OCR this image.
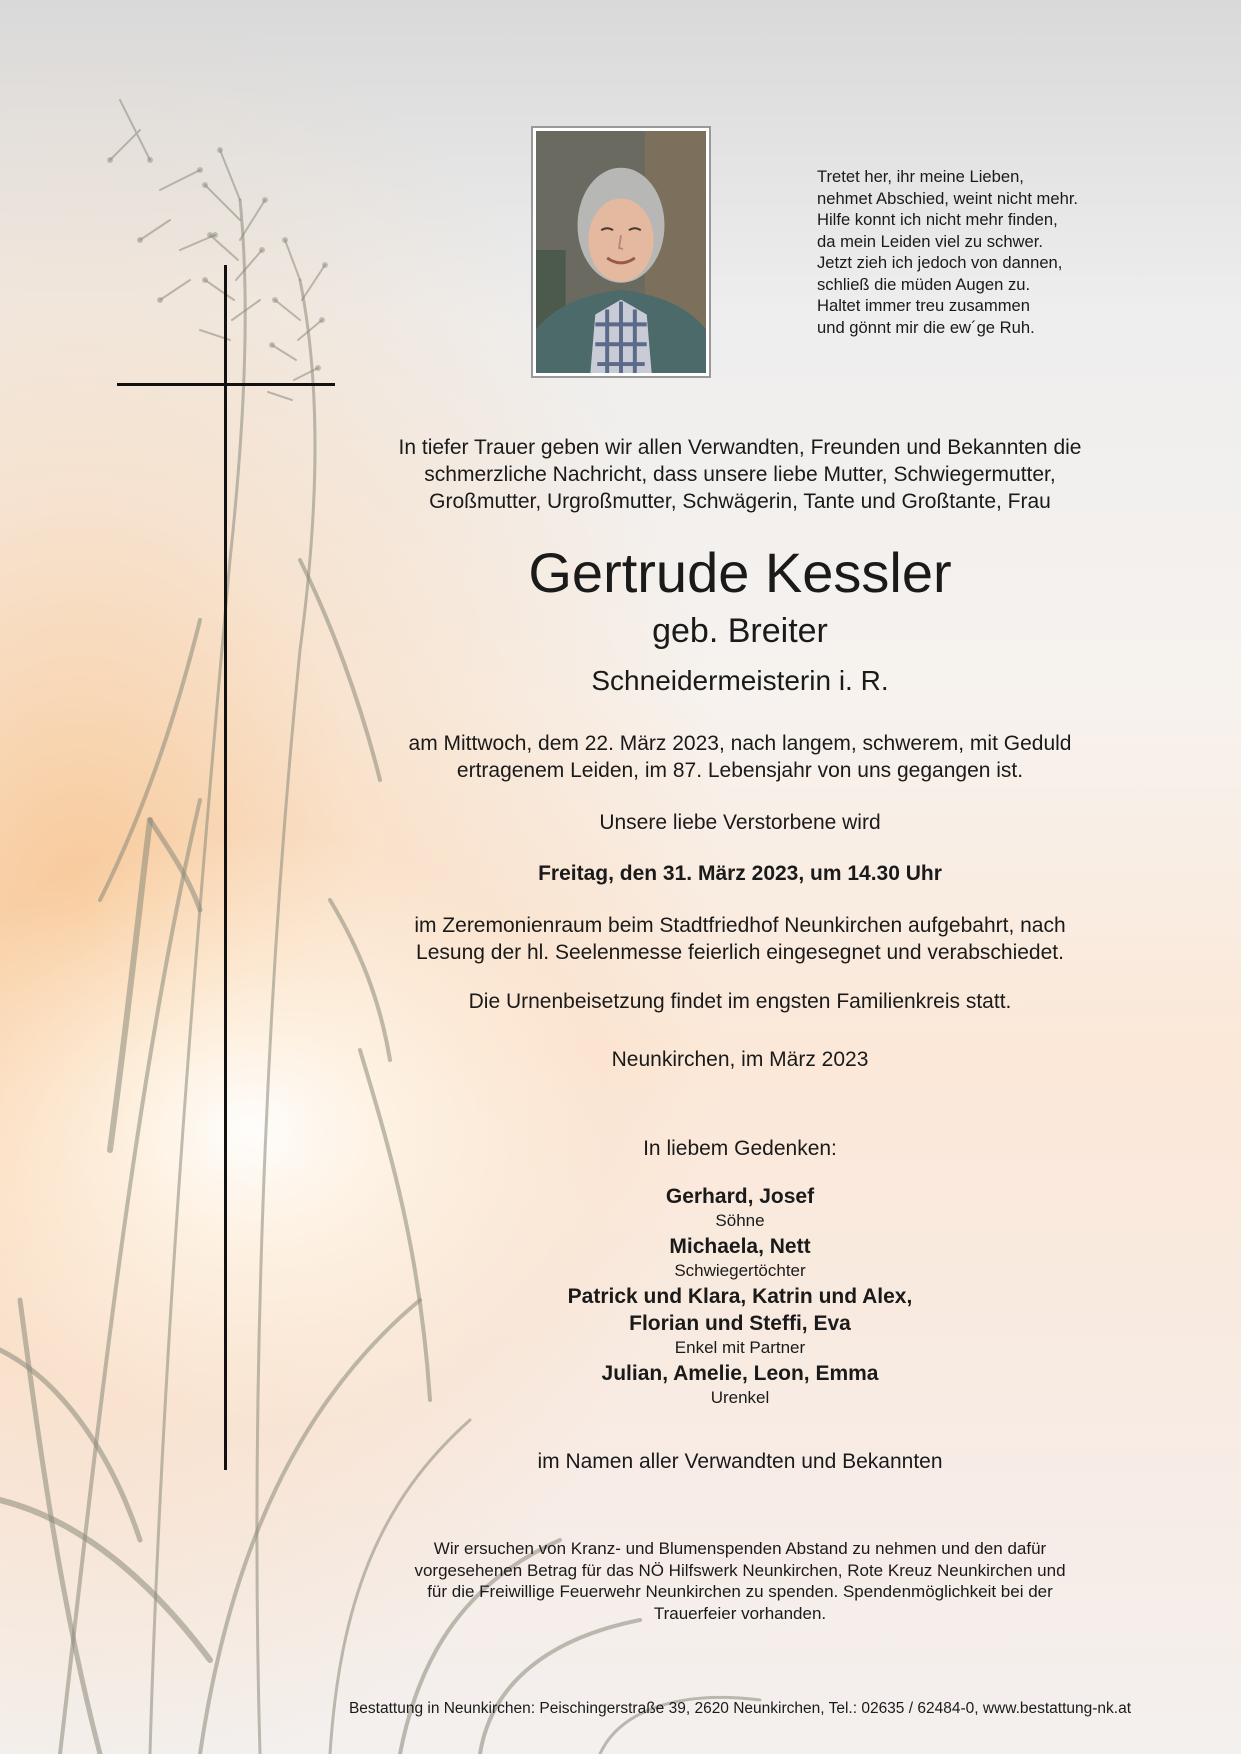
Tretet her, ihr meine Lieben,
nehmet Abschied, weint nicht mehr.
Hilfe konnt ich nicht mehr finden,
da mein Leiden viel zu schwer.
Jetzt zieh ich jedoch von dannen,
schließ die müden Augen zu.
Haltet immer treu zusammen
und gönnt mir die ew´ge Ruh.
In tiefer Trauer geben wir allen Verwandten, Freunden und Bekannten die
schmerzliche Nachricht, dass unsere liebe Mutter, Schwiegermutter,
Großmutter, Urgroßmutter, Schwägerin, Tante und Großtante, Frau
Gertrude Kessler
geb. Breiter
Schneidermeisterin i. R.
am Mittwoch, dem 22. März 2023, nach langem, schwerem, mit Geduld
ertragenem Leiden, im 87. Lebensjahr von uns gegangen ist.
Unsere liebe Verstorbene wird
Freitag, den 31. März 2023, um 14.30 Uhr
im Zeremonienraum beim Stadtfriedhof Neunkirchen aufgebahrt, nach
Lesung der hl. Seelenmesse feierlich eingesegnet und verabschiedet.
Die Urnenbeisetzung findet im engsten Familienkreis statt.
Neunkirchen, im März 2023
In liebem Gedenken:
Gerhard, Josef
Söhne
Michaela, Nett
Schwiegertöchter
Patrick und Klara, Katrin und Alex,
Florian und Steffi, Eva
Enkel mit Partner
Julian, Amelie, Leon, Emma
Urenkel
im Namen aller Verwandten und Bekannten
Wir ersuchen von Kranz- und Blumenspenden Abstand zu nehmen und den dafür
vorgesehenen Betrag für das NÖ Hilfswerk Neunkirchen, Rote Kreuz Neunkirchen und
für die Freiwillige Feuerwehr Neunkirchen zu spenden. Spendenmöglichkeit bei der
Trauerfeier vorhanden.
Bestattung in Neunkirchen: Peischingerstraße 39, 2620 Neunkirchen, Tel.: 02635 / 62484-0, www.bestattung-nk.at
